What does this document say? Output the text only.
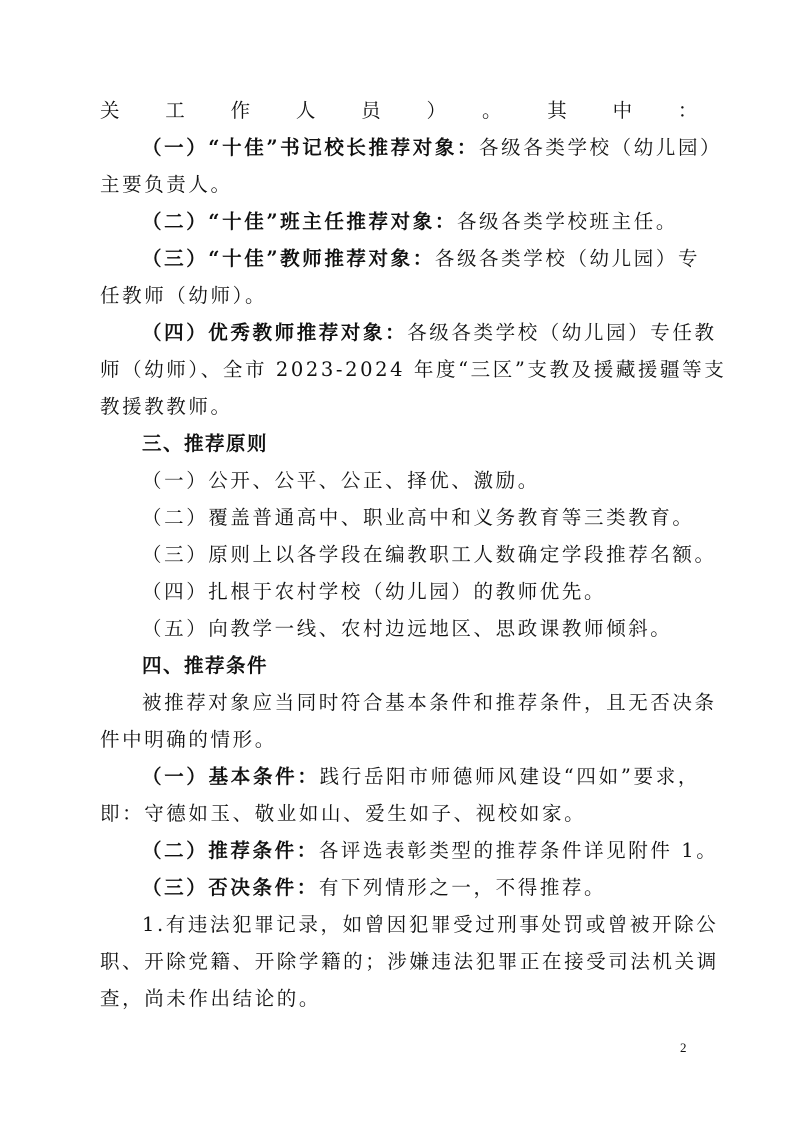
关工作人员）。其中：
（一）“十佳”书记校长推荐对象：各级各类学校（幼儿园）
主要负责人。
（二）“十佳”班主任推荐对象：各级各类学校班主任。
（三）“十佳”教师推荐对象：各级各类学校（幼儿园）专
任教师（幼师）。
（四）优秀教师推荐对象：各级各类学校（幼儿园）专任教
师（幼师）、全市 2023-2024 年度“三区”支教及援藏援疆等支
教援教教师。
三、推荐原则
（一）公开、公平、公正、择优、激励。
（二）覆盖普通高中、职业高中和义务教育等三类教育。
（三）原则上以各学段在编教职工人数确定学段推荐名额。
（四）扎根于农村学校（幼儿园）的教师优先。
（五）向教学一线、农村边远地区、思政课教师倾斜。
四、推荐条件
被推荐对象应当同时符合基本条件和推荐条件，且无否决条
件中明确的情形。
（一）基本条件：践行岳阳市师德师风建设“四如”要求，
即：守德如玉、敬业如山、爱生如子、视校如家。
（二）推荐条件：各评选表彰类型的推荐条件详见附件 1。
（三）否决条件：有下列情形之一，不得推荐。
1.有违法犯罪记录，如曾因犯罪受过刑事处罚或曾被开除公
职、开除党籍、开除学籍的；涉嫌违法犯罪正在接受司法机关调
查，尚未作出结论的。
2
